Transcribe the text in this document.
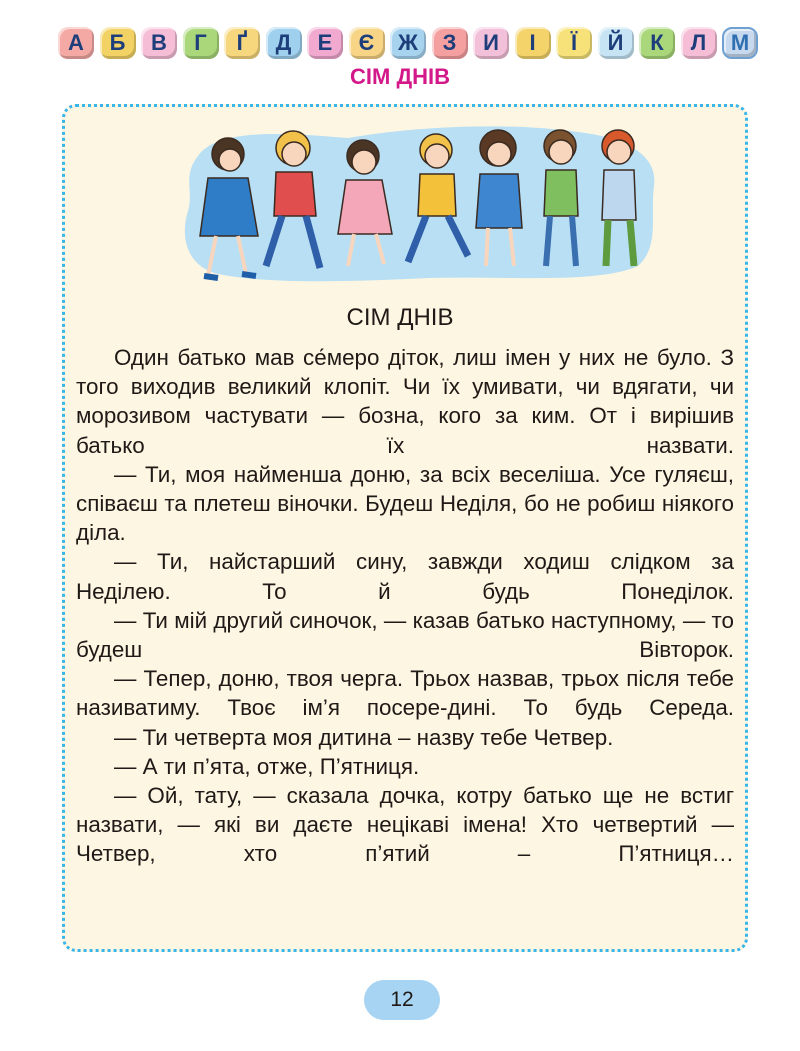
А	Б	В	Г	Ґ	Д	Е	Є	Ж	З	И	І	Ї	Й	К	Л	М
СІМ ДНІВ
СІМ ДНІВ

Один батько мав се́меро діток, лиш імен у них не було. З того виходив великий клопіт. Чи їх умивати, чи вдягати, чи морозивом частувати — бозна, кого за ким. От і вирішив батько їх назвати.

— Ти, моя найменша доню, за всіх веселіша. Усе гуляєш, співаєш та плетеш віночки. Будеш Неділя, бо не робиш ніякого діла.

— Ти, найстарший сину, завжди ходиш слідком за Неділею. То й будь Понеділок.

— Ти мій другий синочок, — казав батько наступному, — то будеш Вівторок.

— Тепер, доню, твоя черга. Трьох назвав, трьох після тебе називатиму. Твоє ім’я посере-дині. То будь Середа.

— Ти четверта моя дитина – назву тебе Четвер.

— А ти п’ята, отже, П’ятниця.

— Ой, тату, — сказала дочка, котру батько ще не встиг назвати, — які ви даєте нецікаві імена! Хто четвертий — Четвер, хто п’ятий – П’ятниця…

12
